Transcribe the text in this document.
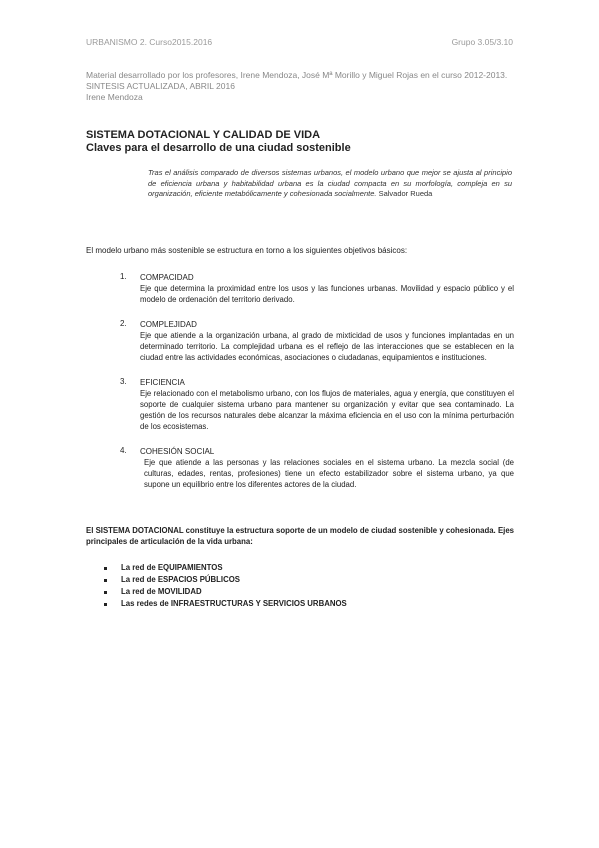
URBANISMO 2. Curso2015.2016	Grupo 3.05/3.10
Material desarrollado por los profesores, Irene Mendoza, José Mª Morillo y Miguel Rojas en el curso 2012-2013.
SINTESIS ACTUALIZADA, ABRIL 2016
Irene Mendoza
SISTEMA DOTACIONAL Y CALIDAD DE VIDA
Claves para el desarrollo de una ciudad sostenible
Tras el análisis comparado de diversos sistemas urbanos, el modelo urbano que mejor se ajusta al principio de eficiencia urbana y habitabilidad urbana es la ciudad compacta en su morfología, compleja en su organización, eficiente metabólicamente y cohesionada socialmente. Salvador Rueda
El modelo urbano más sostenible se estructura en torno a los siguientes objetivos básicos:
1.	COMPACIDAD
Eje que determina la proximidad entre los usos y las funciones urbanas. Movilidad y espacio público y el modelo de ordenación del territorio derivado.
2.	COMPLEJIDAD
Eje que atiende a la organización urbana, al grado de mixticidad de usos y funciones implantadas en un determinado territorio. La complejidad urbana es el reflejo de las interacciones que se establecen en la ciudad entre las actividades económicas, asociaciones o ciudadanas, equipamientos e instituciones.
3.	EFICIENCIA
Eje relacionado con el metabolismo urbano, con los flujos de materiales, agua y energía, que constituyen el soporte de cualquier sistema urbano para mantener su organización y evitar que sea contaminado. La gestión de los recursos naturales debe alcanzar la máxima eficiencia en el uso con la mínima perturbación de los ecosistemas.
4.	COHESIÓN SOCIAL
Eje que atiende a las personas y las relaciones sociales en el sistema urbano. La mezcla social (de culturas, edades, rentas, profesiones) tiene un efecto estabilizador sobre el sistema urbano, ya que supone un equilibrio entre los diferentes actores de la ciudad.
El SISTEMA DOTACIONAL constituye la estructura soporte de un modelo de ciudad sostenible y cohesionada. Ejes principales de articulación de la vida urbana:
La red de EQUIPAMIENTOS
La red de ESPACIOS PÚBLICOS
La red de MOVILIDAD
Las redes de INFRAESTRUCTURAS Y SERVICIOS URBANOS
